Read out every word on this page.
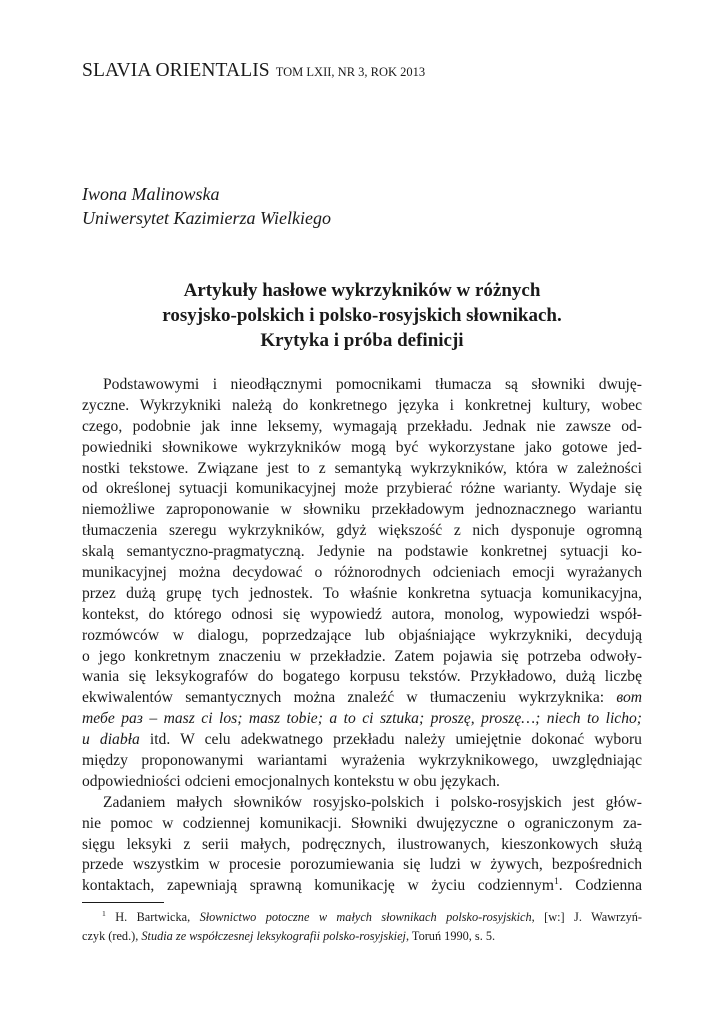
SLAVIA ORIENTALIS TOM LXII, NR 3, ROK 2013
Iwona Malinowska
Uniwersytet Kazimierza Wielkiego
Artykuły hasłowe wykrzykników w różnych
rosyjsko-polskich i polsko-rosyjskich słownikach.
Krytyka i próba definicji
Podstawowymi i nieodłącznymi pomocnikami tłumacza są słowniki dwuję-
zyczne. Wykrzykniki należą do konkretnego języka i konkretnej kultury, wobec
czego, podobnie jak inne leksemy, wymagają przekładu. Jednak nie zawsze od-
powiedniki słownikowe wykrzykników mogą być wykorzystane jako gotowe jed-
nostki tekstowe. Związane jest to z semantyką wykrzykników, która w zależności
od określonej sytuacji komunikacyjnej może przybierać różne warianty. Wydaje się
niemożliwe zaproponowanie w słowniku przekładowym jednoznacznego wariantu
tłumaczenia szeregu wykrzykników, gdyż większość z nich dysponuje ogromną
skalą semantyczno-pragmatyczną. Jedynie na podstawie konkretnej sytuacji ko-
munikacyjnej można decydować o różnorodnych odcieniach emocji wyrażanych
przez dużą grupę tych jednostek. To właśnie konkretna sytuacja komunikacyjna,
kontekst, do którego odnosi się wypowiedź autora, monolog, wypowiedzi współ-
rozmówców w dialogu, poprzedzające lub objaśniające wykrzykniki, decydują
o jego konkretnym znaczeniu w przekładzie. Zatem pojawia się potrzeba odwoły-
wania się leksykografów do bogatego korpusu tekstów. Przykładowo, dużą liczbę
ekwiwalentów semantycznych można znaleźć w tłumaczeniu wykrzyknika: вот
тебе раз – masz ci los; masz tobie; a to ci sztuka; proszę, proszę…; niech to licho;
u diabła itd. W celu adekwatnego przekładu należy umiejętnie dokonać wyboru
między proponowanymi wariantami wyrażenia wykrzyknikowego, uwzględniając
odpowiedniości odcieni emocjonalnych kontekstu w obu językach.
Zadaniem małych słowników rosyjsko-polskich i polsko-rosyjskich jest głów-
nie pomoc w codziennej komunikacji. Słowniki dwujęzyczne o ograniczonym za-
sięgu leksyki z serii małych, podręcznych, ilustrowanych, kieszonkowych służą
przede wszystkim w procesie porozumiewania się ludzi w żywych, bezpośrednich
kontaktach, zapewniają sprawną komunikację w życiu codziennym$^1$. Codzienna
$^1$ H. Bartwicka, Słownictwo potoczne w małych słownikach polsko-rosyjskich, [w:] J. Wawrzyń-
czyk (red.), Studia ze współczesnej leksykografii polsko-rosyjskiej, Toruń 1990, s. 5.
